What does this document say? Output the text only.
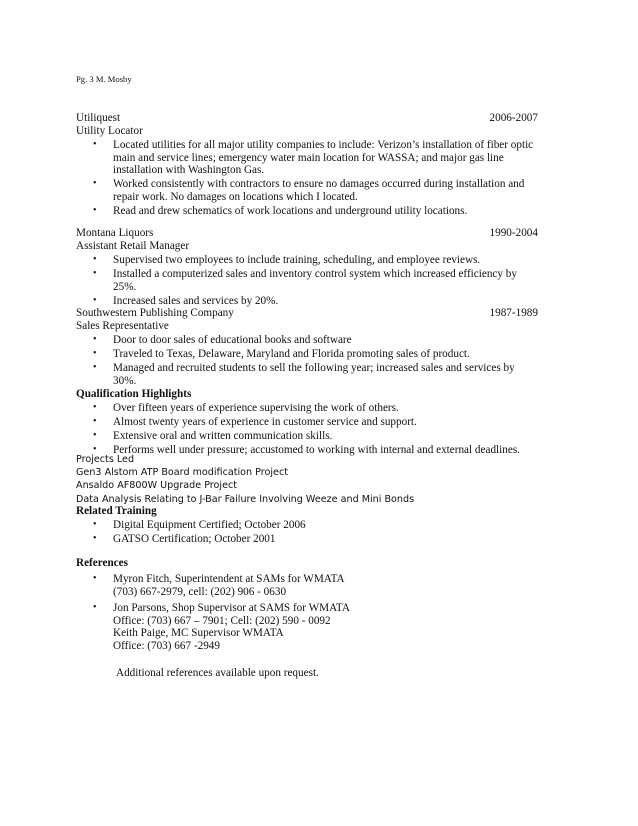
Pg. 3 M. Mosby
Utiliquest	2006-2007
Utility Locator
• Located utilities for all major utility companies to include: Verizon’s installation of fiber optic main and service lines; emergency water main location for WASSA; and major gas line installation with Washington Gas.
• Worked consistently with contractors to ensure no damages occurred during installation and repair work. No damages on locations which I located.
• Read and drew schematics of work locations and underground utility locations.
Montana Liquors	1990-2004
Assistant Retail Manager
• Supervised two employees to include training, scheduling, and employee reviews.
• Installed a computerized sales and inventory control system which increased efficiency by 25%.
• Increased sales and services by 20%.
Southwestern Publishing Company	1987-1989
Sales Representative
• Door to door sales of educational books and software
• Traveled to Texas, Delaware, Maryland and Florida promoting sales of product.
• Managed and recruited students to sell the following year; increased sales and services by 30%.
Qualification Highlights
• Over fifteen years of experience supervising the work of others.
• Almost twenty years of experience in customer service and support.
• Extensive oral and written communication skills.
• Performs well under pressure; accustomed to working with internal and external deadlines.
Projects Led
Gen3 Alstom ATP Board modification Project
Ansaldo AF800W Upgrade Project
Data Analysis Relating to J-Bar Failure Involving Weeze and Mini Bonds
Related Training
• Digital Equipment Certified; October 2006
• GATSO Certification; October 2001
References
• Myron Fitch, Superintendent at SAMs for WMATA
(703) 667-2979, cell: (202) 906 - 0630
• Jon Parsons, Shop Supervisor at SAMS for WMATA
Office: (703) 667 – 7901; Cell: (202) 590 - 0092
Keith Paige, MC Supervisor WMATA
Office: (703) 667 -2949
Additional references available upon request.
